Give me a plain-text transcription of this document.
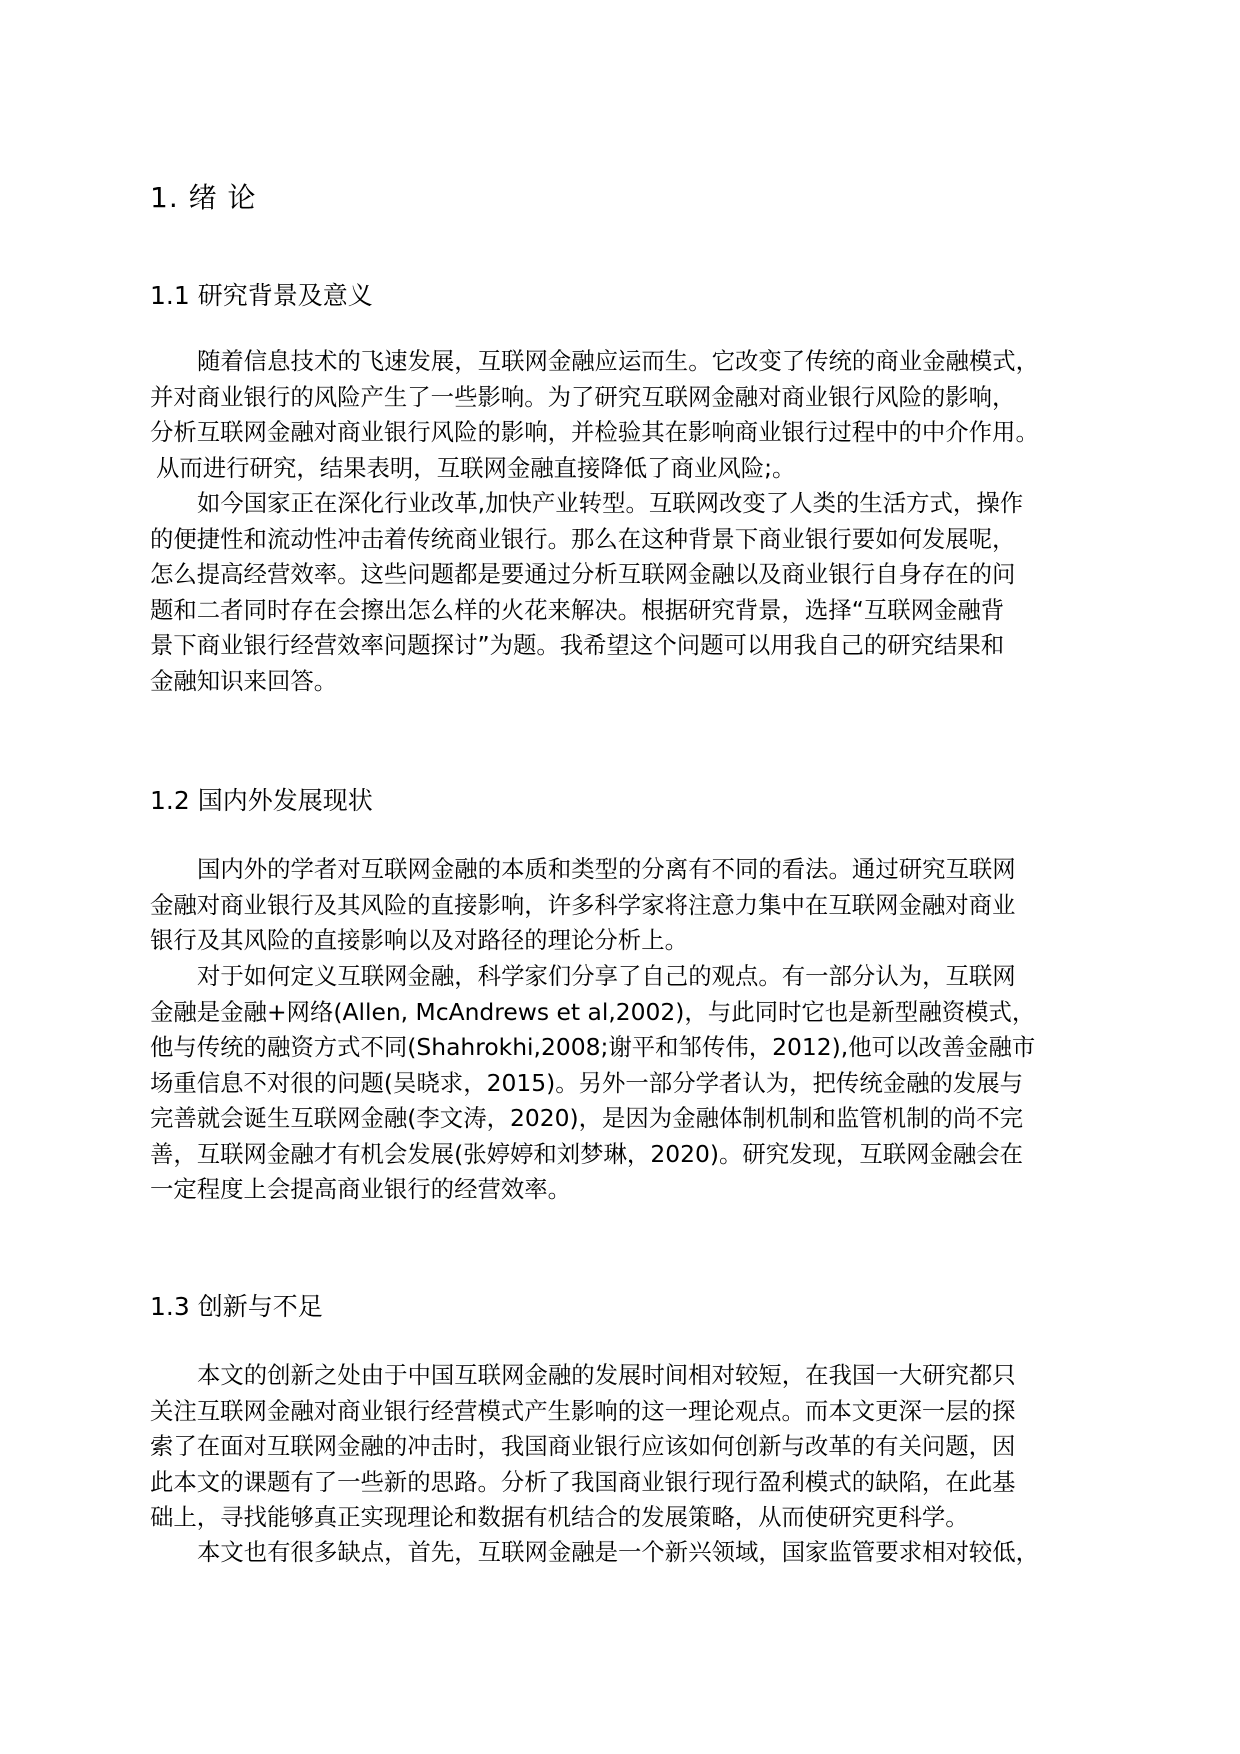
1. 绪 论
1.1 研究背景及意义
随着信息技术的飞速发展，互联网金融应运而生。它改变了传统的商业金融模式，
并对商业银行的风险产生了一些影响。为了研究互联网金融对商业银行风险的影响，
分析互联网金融对商业银行风险的影响，并检验其在影响商业银行过程中的中介作用。
从而进行研究，结果表明，互联网金融直接降低了商业风险;。
如今国家正在深化行业改革,加快产业转型。互联网改变了人类的生活方式，操作
的便捷性和流动性冲击着传统商业银行。那么在这种背景下商业银行要如何发展呢，
怎么提高经营效率。这些问题都是要通过分析互联网金融以及商业银行自身存在的问
题和二者同时存在会擦出怎么样的火花来解决。根据研究背景，选择“互联网金融背
景下商业银行经营效率问题探讨”为题。我希望这个问题可以用我自己的研究结果和
金融知识来回答。
1.2 国内外发展现状
国内外的学者对互联网金融的本质和类型的分离有不同的看法。通过研究互联网
金融对商业银行及其风险的直接影响，许多科学家将注意力集中在互联网金融对商业
银行及其风险的直接影响以及对路径的理论分析上。
对于如何定义互联网金融，科学家们分享了自己的观点。有一部分认为，互联网
金融是金融+网络(Allen, McAndrews et al,2002)，与此同时它也是新型融资模式，
他与传统的融资方式不同(Shahrokhi,2008;谢平和邹传伟，2012),他可以改善金融市
场重信息不对很的问题(吴晓求，2015)。另外一部分学者认为，把传统金融的发展与
完善就会诞生互联网金融(李文涛，2020)，是因为金融体制机制和监管机制的尚不完
善，互联网金融才有机会发展(张婷婷和刘梦琳，2020)。研究发现，互联网金融会在
一定程度上会提高商业银行的经营效率。
1.3 创新与不足
本文的创新之处由于中国互联网金融的发展时间相对较短，在我国一大研究都只
关注互联网金融对商业银行经营模式产生影响的这一理论观点。而本文更深一层的探
索了在面对互联网金融的冲击时，我国商业银行应该如何创新与改革的有关问题，因
此本文的课题有了一些新的思路。分析了我国商业银行现行盈利模式的缺陷，在此基
础上，寻找能够真正实现理论和数据有机结合的发展策略，从而使研究更科学。
本文也有很多缺点，首先，互联网金融是一个新兴领域，国家监管要求相对较低，
